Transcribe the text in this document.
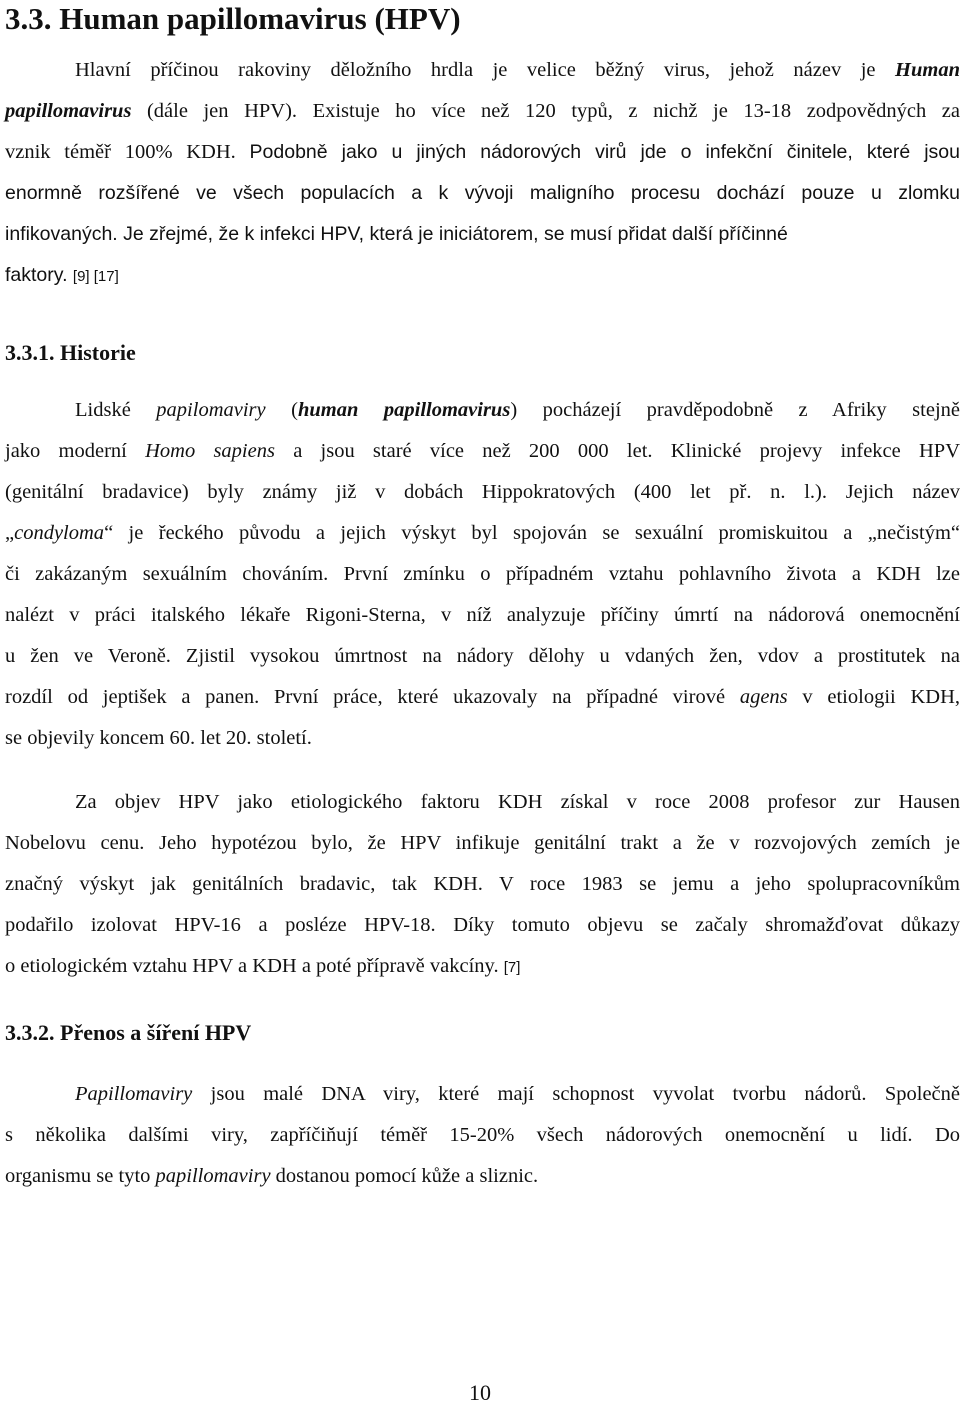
3.3. Human papillomavirus (HPV)
Hlavní příčinou rakoviny děložního hrdla je velice běžný virus, jehož název je Human
papillomavirus (dále jen HPV). Existuje ho více než 120 typů, z nichž je 13-18 zodpovědných za
vznik téměř 100% KDH. Podobně jako u jiných nádorových virů jde o infekční činitele, které jsou
enormně rozšířené ve všech populacích a k vývoji maligního procesu dochází pouze u zlomku
infikovaných. Je zřejmé, že k infekci HPV, která je iniciátorem, se musí přidat další příčinné
faktory. [9] [17]
3.3.1. Historie
Lidské papilomaviry (human papillomavirus) pocházejí pravděpodobně z Afriky stejně
jako moderní Homo sapiens a jsou staré více než 200 000 let. Klinické projevy infekce HPV
(genitální bradavice) byly známy již v dobách Hippokratových (400 let př. n. l.). Jejich název
„condyloma“ je řeckého původu a jejich výskyt byl spojován se sexuální promiskuitou a „nečistým“
či zakázaným sexuálním chováním. První zmínku o případném vztahu pohlavního života a KDH lze
nalézt v práci italského lékaře Rigoni-Sterna, v níž analyzuje příčiny úmrtí na nádorová onemocnění
u žen ve Veroně. Zjistil vysokou úmrtnost na nádory dělohy u vdaných žen, vdov a prostitutek na
rozdíl od jeptišek a panen. První práce, které ukazovaly na případné virové agens v etiologii KDH,
se objevily koncem 60. let 20. století.
Za objev HPV jako etiologického faktoru KDH získal v roce 2008 profesor zur Hausen
Nobelovu cenu. Jeho hypotézou bylo, že HPV infikuje genitální trakt a že v rozvojových zemích je
značný výskyt jak genitálních bradavic, tak KDH. V roce 1983 se jemu a jeho spolupracovníkům
podařilo izolovat HPV-16 a posléze HPV-18. Díky tomuto objevu se začaly shromažďovat důkazy
o etiologickém vztahu HPV a KDH a poté přípravě vakcíny. [7]
3.3.2. Přenos a šíření HPV
Papillomaviry jsou malé DNA viry, které mají schopnost vyvolat tvorbu nádorů. Společně
s několika dalšími viry, zapříčiňují téměř 15-20% všech nádorových onemocnění u lidí. Do
organismu se tyto papillomaviry dostanou pomocí kůže a sliznic.
10
